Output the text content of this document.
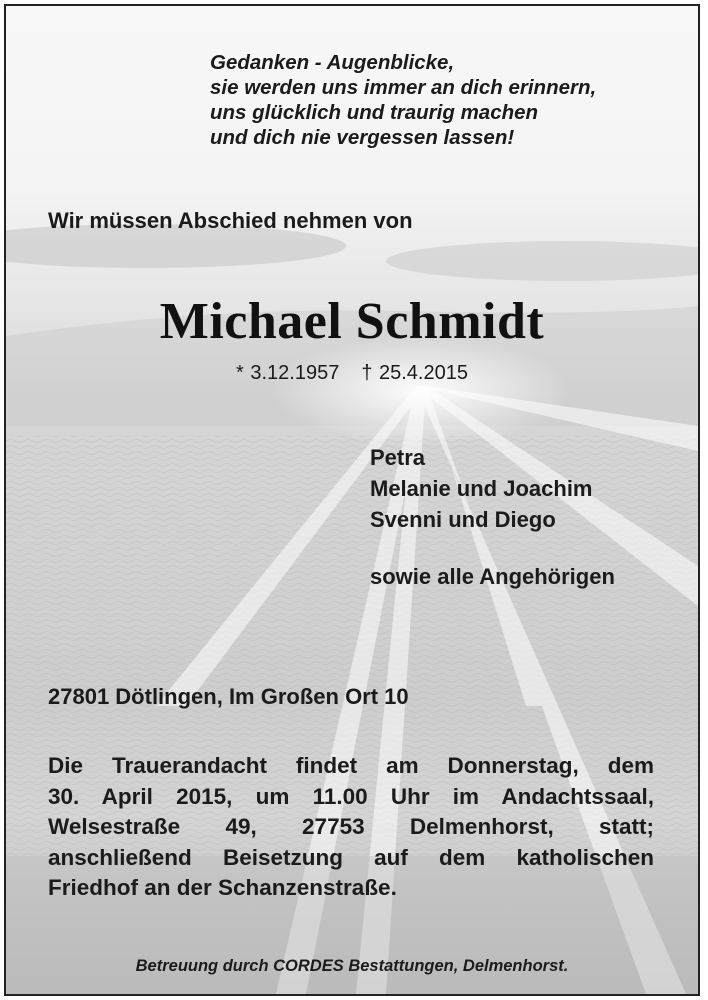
Gedanken - Augenblicke,
sie werden uns immer an dich erinnern,
uns glücklich und traurig machen
und dich nie vergessen lassen!
Wir müssen Abschied nehmen von
Michael Schmidt
* 3.12.1957 † 25.4.2015
Petra
Melanie und Joachim
Svenni und Diego
sowie alle Angehörigen
27801 Dötlingen, Im Großen Ort 10
Die Trauerandacht findet am Donnerstag, dem
30. April 2015, um 11.00 Uhr im Andachtssaal,
Welsestraße 49, 27753 Delmenhorst, statt;
anschließend Beisetzung auf dem katholischen
Friedhof an der Schanzenstraße.
Betreuung durch CORDES Bestattungen, Delmenhorst.
